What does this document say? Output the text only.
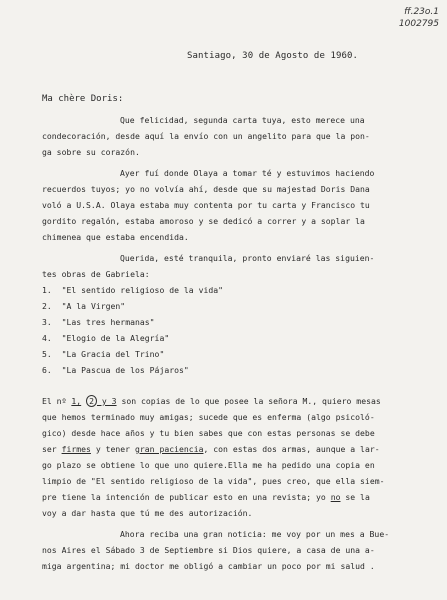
ff.23o.1
1002795
Santiago, 30 de Agosto de 1960.
Ma chère Doris:
Que felicidad, segunda carta tuya, esto merece una
condecoración, desde aquí la envío con un angelito para que la pon-
ga sobre su corazón.
Ayer fuí donde Olaya a tomar té y estuvimos haciendo
recuerdos tuyos; yo no volvía ahí, desde que su majestad Doris Dana
voló a U.S.A. Olaya estaba muy contenta por tu carta y Francisco tu
gordito regalón, estaba amoroso y se dedicó a correr y a soplar la
chimenea que estaba encendida.
Querida, esté tranquila, pronto enviaré las siguien-
tes obras de Gabriela:
1. "El sentido religioso de la vida"
2. "A la Virgen"
3. "Las tres hermanas"
4. "Elogio de la Alegría"
5. "La Gracia del Trino"
6. "La Pascua de los Pájaros"
El nº 1, 2 y 3 son copias de lo que posee la señora M., quiero mesas
que hemos terminado muy amigas; sucede que es enferma (algo psicoló-
gico) desde hace años y tu bien sabes que con estas personas se debe
ser firmes y tener gran paciencia, con estas dos armas, aunque a lar-
go plazo se obtiene lo que uno quiere.Ella me ha pedido una copia en
limpio de "El sentido religioso de la vida", pues creo, que ella siem-
pre tiene la intención de publicar esto en una revista; yo no se la
voy a dar hasta que tú me des autorización.
Ahora reciba una gran noticia: me voy por un mes a Bue-
nos Aires el Sábado 3 de Septiembre si Dios quiere, a casa de una a-
miga argentina; mi doctor me obligó a cambiar un poco por mi salud .
